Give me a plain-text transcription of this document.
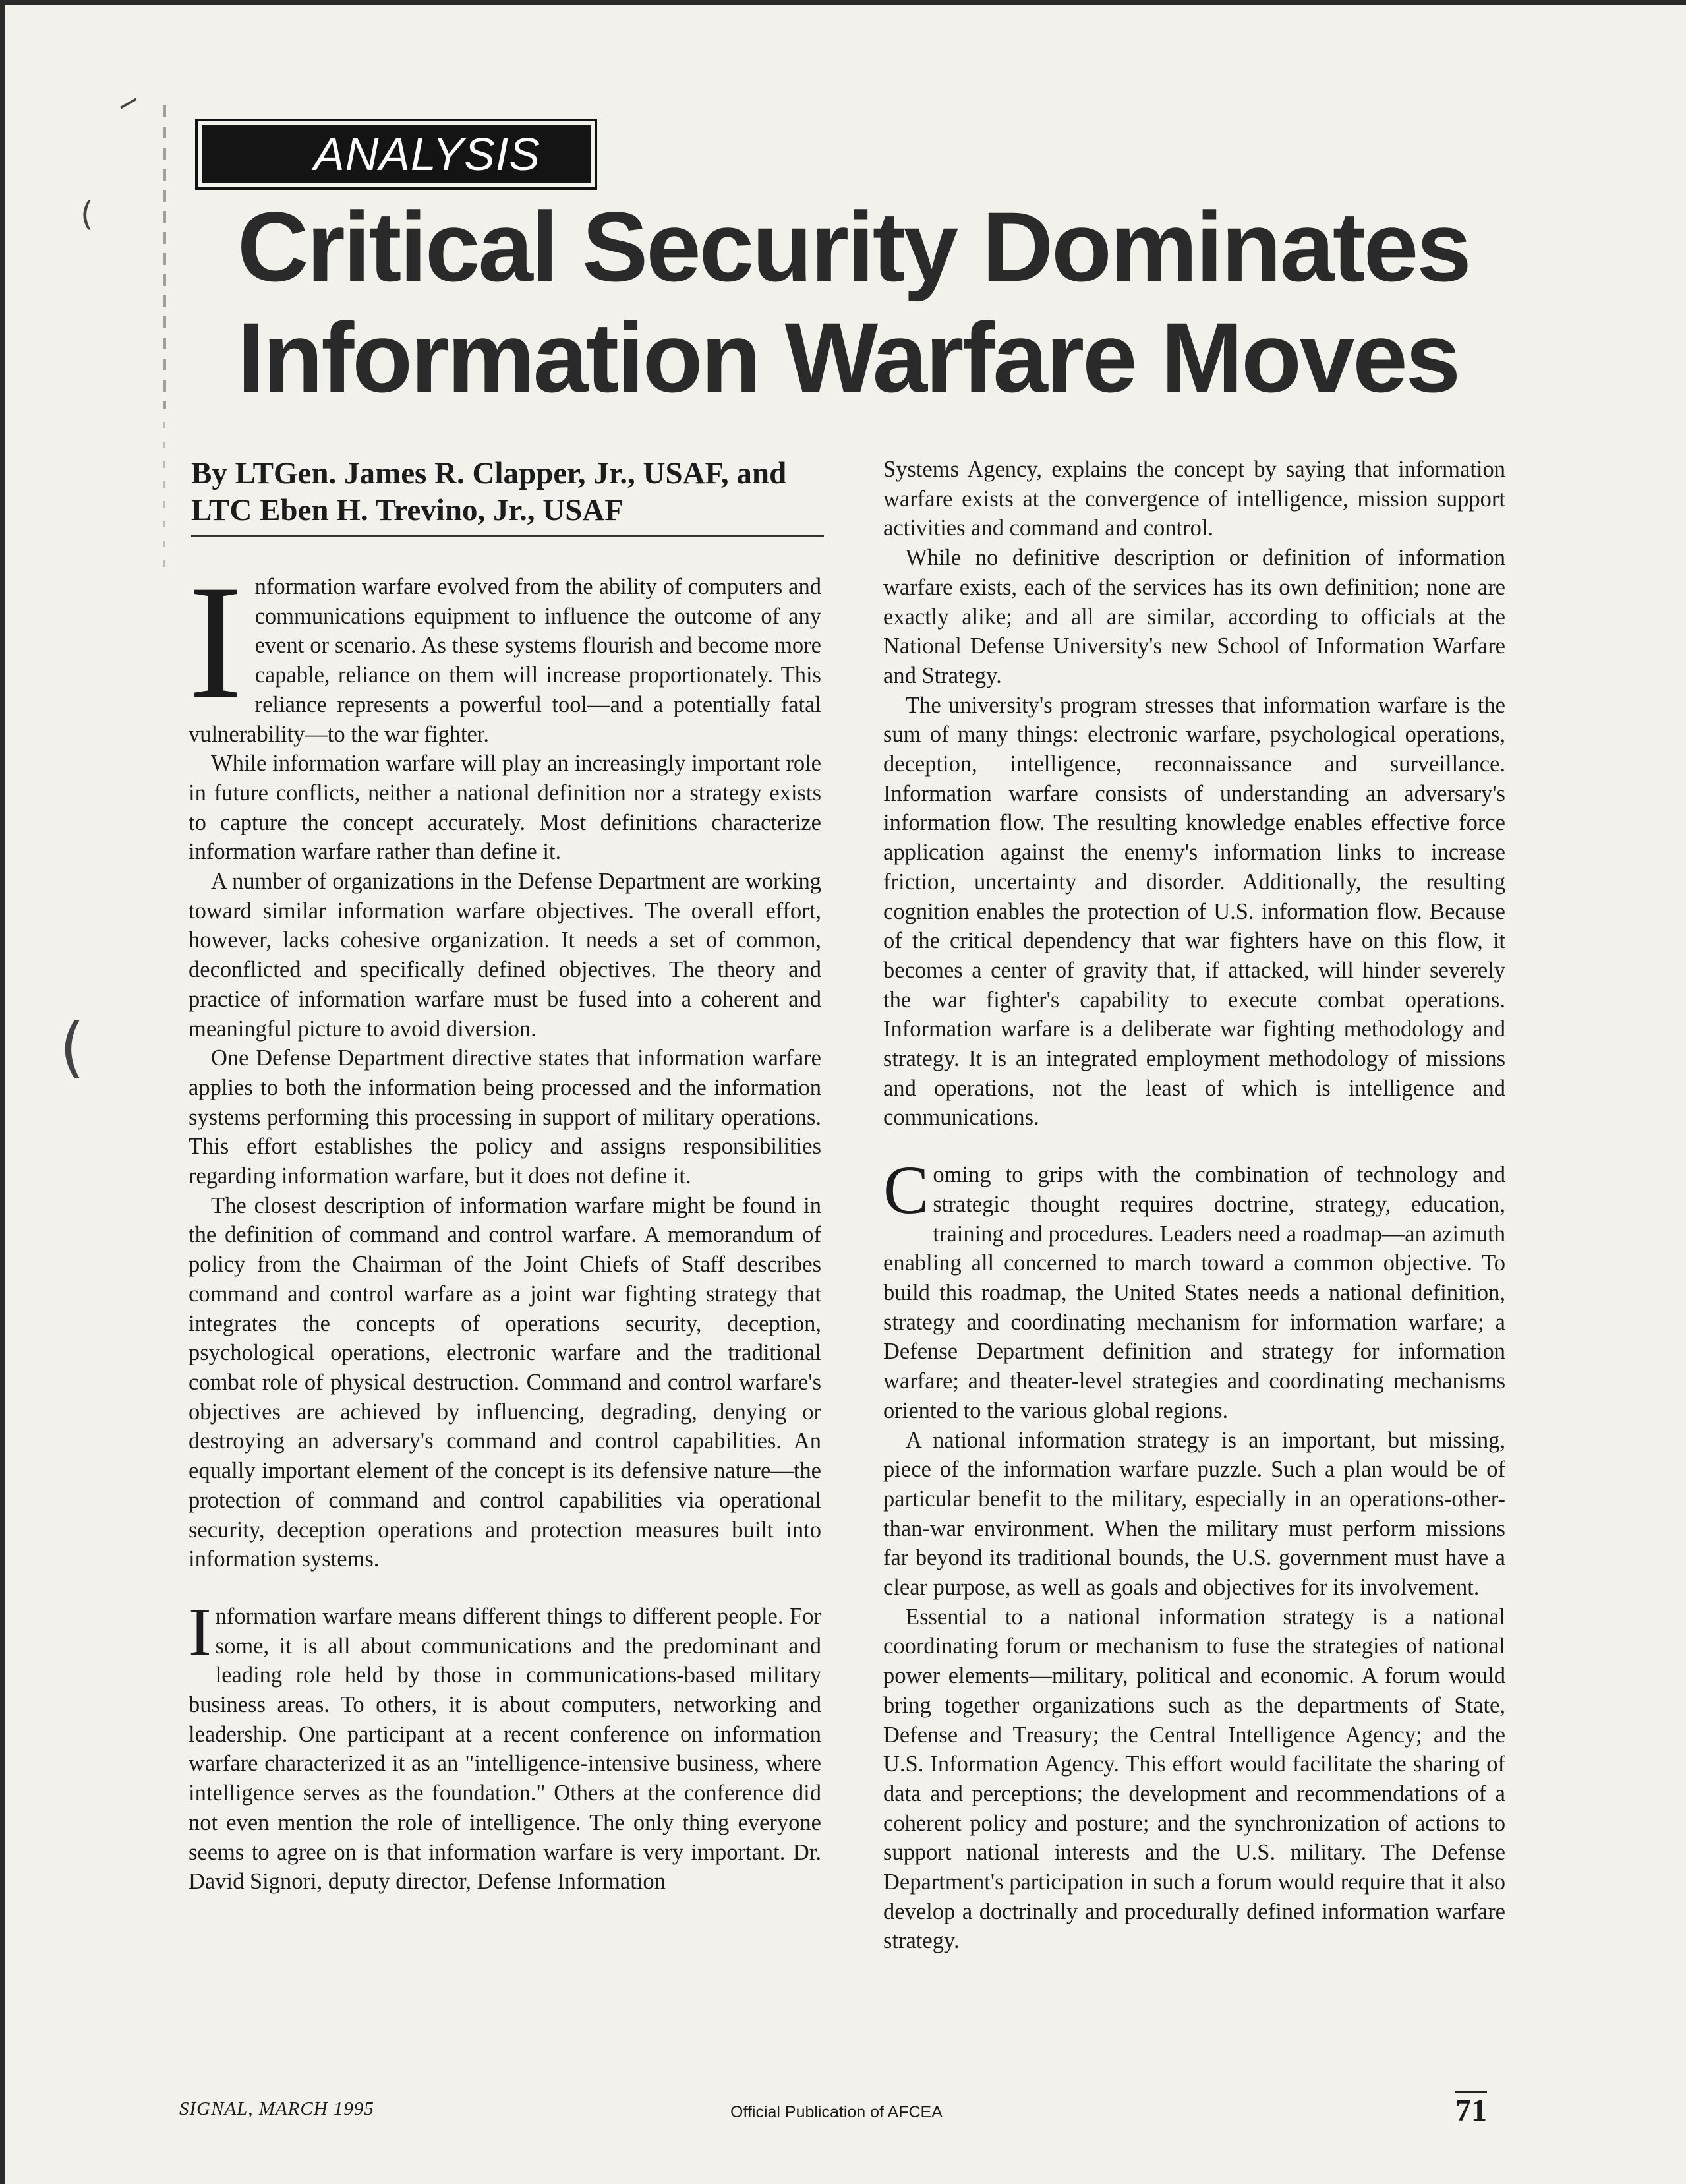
─
(
(
ANALYSIS
Critical Security Dominates
Information Warfare Moves
By LTGen. James R. Clapper, Jr., USAF, and
LTC Eben H. Trevino, Jr., USAF

Information warfare evolved from the ability of computers and communications equipment to influence the outcome of any event or scenario. As these systems flourish and become more capable, reliance on them will increase proportionately. This reliance represents a powerful tool—and a potentially fatal vulnerability—to the war fighter.

While information warfare will play an increasingly important role in future conflicts, neither a national definition nor a strategy exists to capture the concept accurately. Most definitions characterize information warfare rather than define it.

A number of organizations in the Defense Department are working toward similar information warfare objectives. The overall effort, however, lacks cohesive organization. It needs a set of common, deconflicted and specifically defined objectives. The theory and practice of information warfare must be fused into a coherent and meaningful picture to avoid diversion.

One Defense Department directive states that information warfare applies to both the information being processed and the information systems performing this processing in support of military operations. This effort establishes the policy and assigns responsibilities regarding information warfare, but it does not define it.

The closest description of information warfare might be found in the definition of command and control warfare. A memorandum of policy from the Chairman of the Joint Chiefs of Staff describes command and control warfare as a joint war fighting strategy that integrates the concepts of operations security, deception, psychological operations, electronic warfare and the traditional combat role of physical destruction. Command and control warfare's objectives are achieved by influencing, degrading, denying or destroying an adversary's command and control capabilities. An equally important element of the concept is its defensive nature—the protection of command and control capabilities via operational security, deception operations and protection measures built into information systems.

Information warfare means different things to different people. For some, it is all about communications and the predominant and leading role held by those in communications-based military business areas. To others, it is about computers, networking and leadership. One participant at a recent conference on information warfare characterized it as an "intelligence-intensive business, where intelligence serves as the foundation." Others at the conference did not even mention the role of intelligence. The only thing everyone seems to agree on is that information warfare is very important. Dr. David Signori, deputy director, Defense Information

Systems Agency, explains the concept by saying that information warfare exists at the convergence of intelligence, mission support activities and command and control.

While no definitive description or definition of information warfare exists, each of the services has its own definition; none are exactly alike; and all are similar, according to officials at the National Defense University's new School of Information Warfare and Strategy.

The university's program stresses that information warfare is the sum of many things: electronic warfare, psychological operations, deception, intelligence, reconnaissance and surveillance. Information warfare consists of understanding an adversary's information flow. The resulting knowledge enables effective force application against the enemy's information links to increase friction, uncertainty and disorder. Additionally, the resulting cognition enables the protection of U.S. information flow. Because of the critical dependency that war fighters have on this flow, it becomes a center of gravity that, if attacked, will hinder severely the war fighter's capability to execute combat operations. Information warfare is a deliberate war fighting methodology and strategy. It is an integrated employment methodology of missions and operations, not the least of which is intelligence and communications.

Coming to grips with the combination of technology and strategic thought requires doctrine, strategy, education, training and procedures. Leaders need a roadmap—an azimuth enabling all concerned to march toward a common objective. To build this roadmap, the United States needs a national definition, strategy and coordinating mechanism for information warfare; a Defense Department definition and strategy for information warfare; and theater-level strategies and coordinating mechanisms oriented to the various global regions.

A national information strategy is an important, but missing, piece of the information warfare puzzle. Such a plan would be of particular benefit to the military, especially in an operations-other-than-war environment. When the military must perform missions far beyond its traditional bounds, the U.S. government must have a clear purpose, as well as goals and objectives for its involvement.

Essential to a national information strategy is a national coordinating forum or mechanism to fuse the strategies of national power elements—military, political and economic. A forum would bring together organizations such as the departments of State, Defense and Treasury; the Central Intelligence Agency; and the U.S. Information Agency. This effort would facilitate the sharing of data and perceptions; the development and recommendations of a coherent policy and posture; and the synchronization of actions to support national interests and the U.S. military. The Defense Department's participation in such a forum would require that it also develop a doctrinally and procedurally defined information warfare strategy.

SIGNAL, MARCH 1995	Official Publication of AFCEA	71
